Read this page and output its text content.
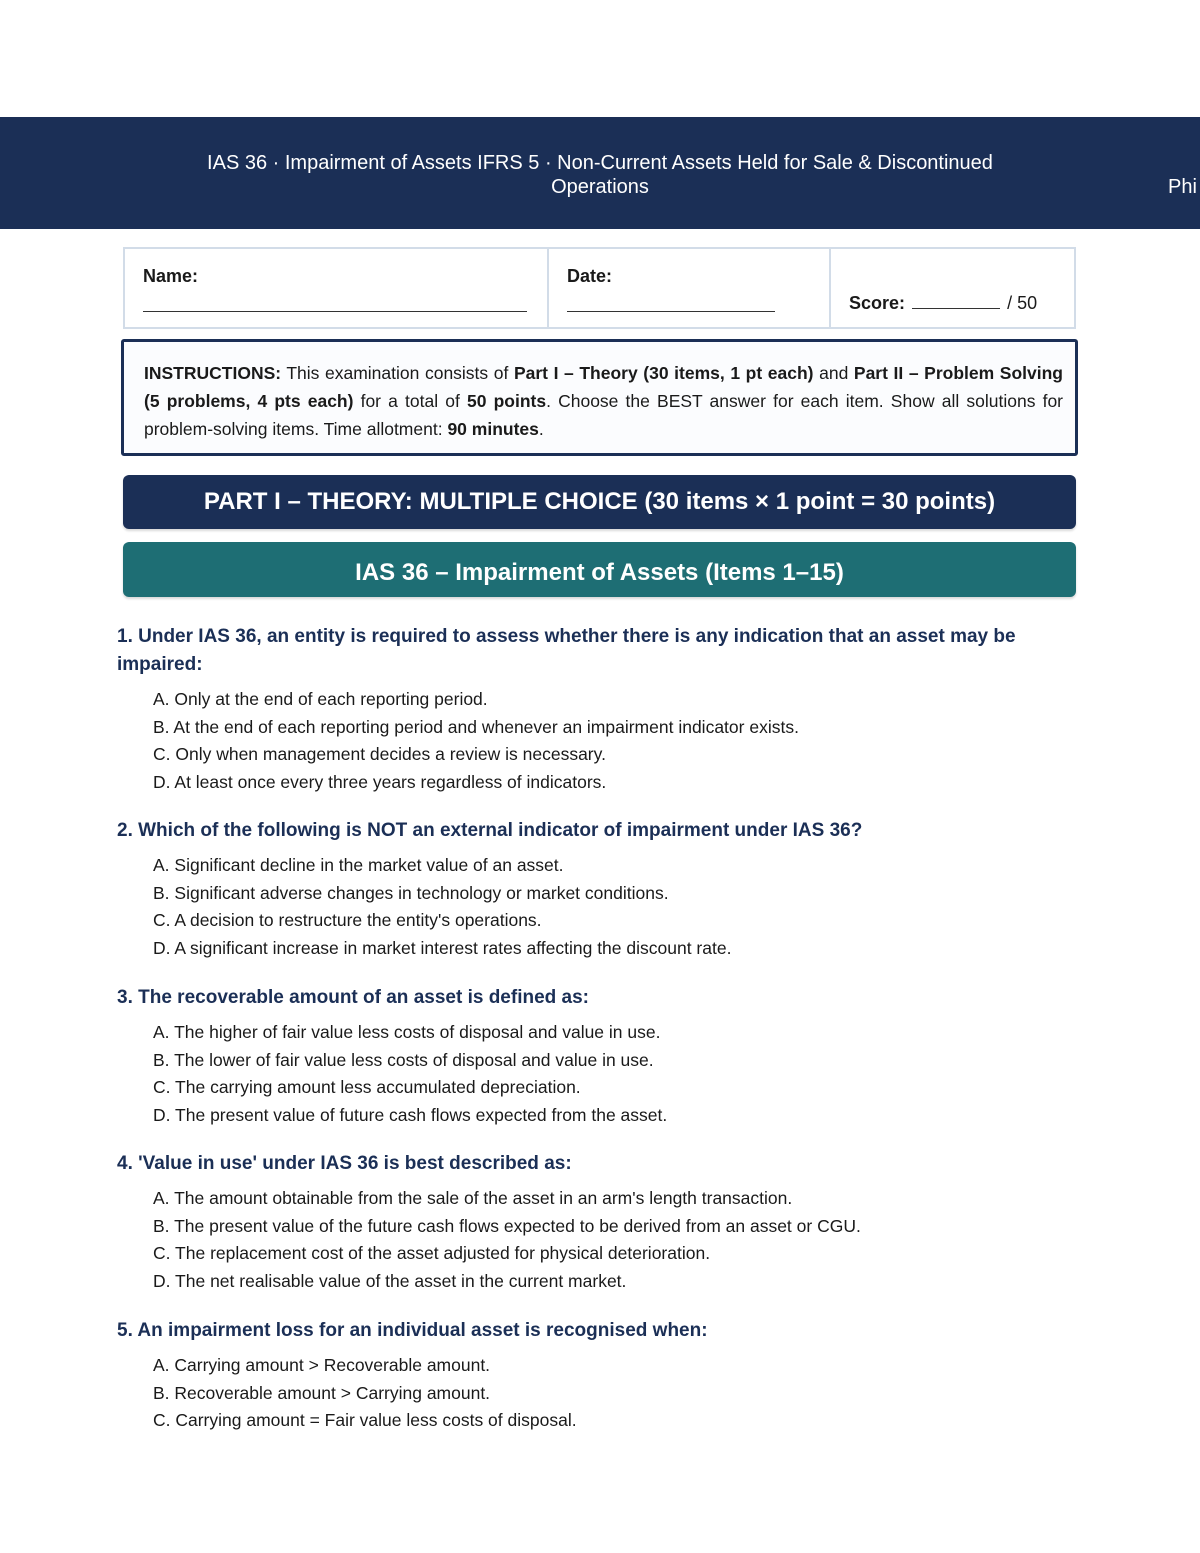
IAS 36 · Impairment of Assets IFRS 5 · Non-Current Assets Held for Sale & Discontinued Operations	Phi
Name:	Date:
Score:	/ 50
INSTRUCTIONS: This examination consists of Part I – Theory (30 items, 1 pt each) and Part II – Problem Solving (5 problems, 4 pts each) for a total of 50 points. Choose the BEST answer for each item. Show all solutions for problem-solving items. Time allotment: 90 minutes.
PART I – THEORY: MULTIPLE CHOICE (30 items × 1 point = 30 points)
IAS 36 – Impairment of Assets (Items 1–15)
1. Under IAS 36, an entity is required to assess whether there is any indication that an asset may be impaired:
A. Only at the end of each reporting period.
B. At the end of each reporting period and whenever an impairment indicator exists.
C. Only when management decides a review is necessary.
D. At least once every three years regardless of indicators.
2. Which of the following is NOT an external indicator of impairment under IAS 36?
A. Significant decline in the market value of an asset.
B. Significant adverse changes in technology or market conditions.
C. A decision to restructure the entity's operations.
D. A significant increase in market interest rates affecting the discount rate.
3. The recoverable amount of an asset is defined as:
A. The higher of fair value less costs of disposal and value in use.
B. The lower of fair value less costs of disposal and value in use.
C. The carrying amount less accumulated depreciation.
D. The present value of future cash flows expected from the asset.
4. 'Value in use' under IAS 36 is best described as:
A. The amount obtainable from the sale of the asset in an arm's length transaction.
B. The present value of the future cash flows expected to be derived from an asset or CGU.
C. The replacement cost of the asset adjusted for physical deterioration.
D. The net realisable value of the asset in the current market.
5. An impairment loss for an individual asset is recognised when:
A. Carrying amount > Recoverable amount.
B. Recoverable amount > Carrying amount.
C. Carrying amount = Fair value less costs of disposal.
